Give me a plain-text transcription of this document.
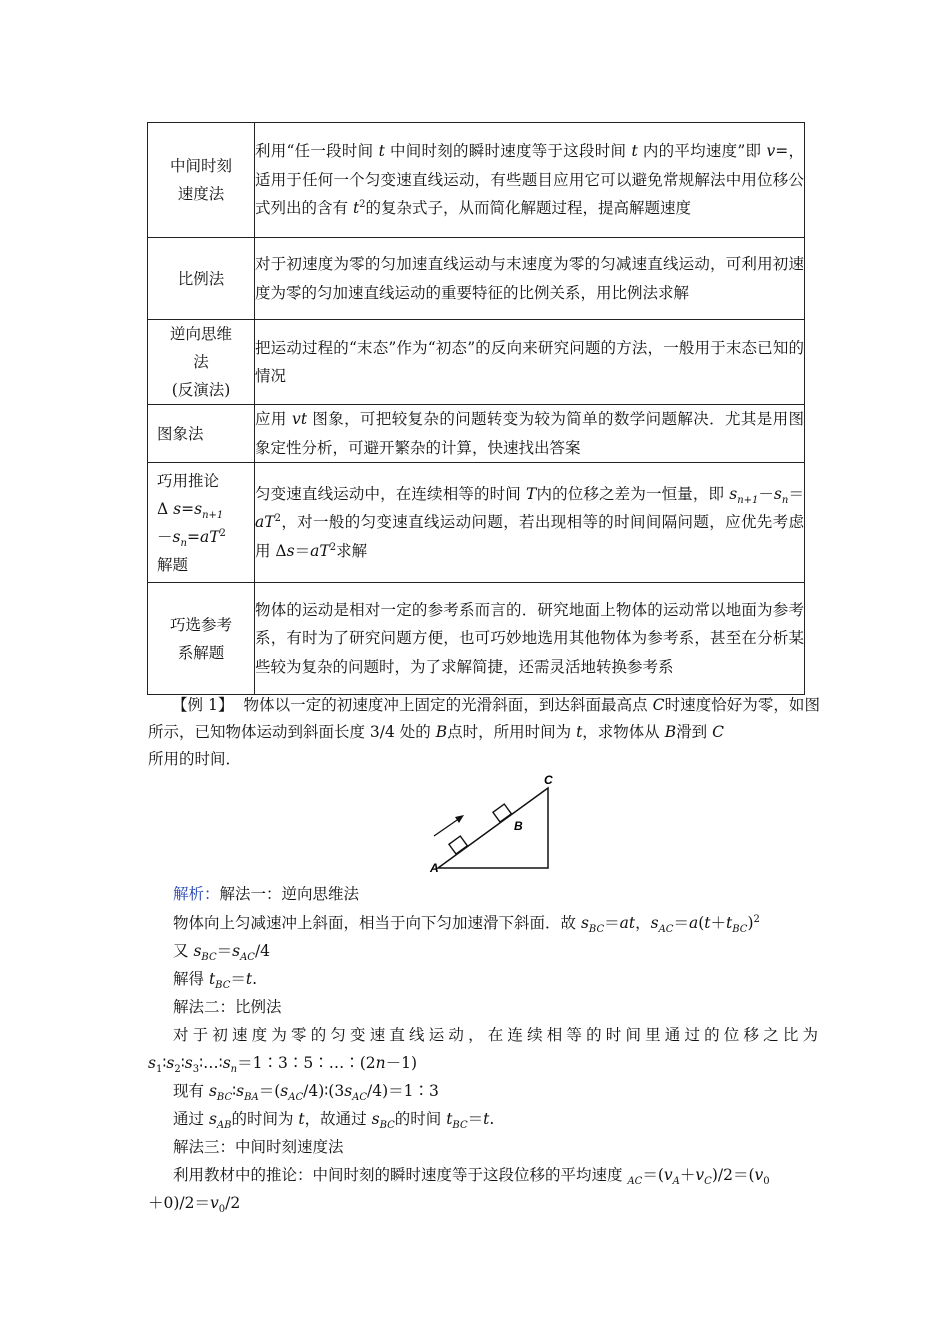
中间时刻
速度法	利用“任一段时间 t 中间时刻的瞬时速度等于这段时间 t 内的平均速度”即 v=，适用于任何一个匀变速直线运动，有些题目应用它可以避免常规解法中用位移公式列出的含有 $t^2$的复杂式子，从而简化解题过程，提高解题速度

比例法	对于初速度为零的匀加速直线运动与末速度为零的匀减速直线运动，可利用初速度为零的匀加速直线运动的重要特征的比例关系，用比例法求解

逆向思维
法
(反演法)	把运动过程的“末态”作为“初态”的反向来研究问题的方法，一般用于末态已知的情况

图象法	应用 vt 图象，可把较复杂的问题转变为较为简单的数学问题解决．尤其是用图象定性分析，可避开繁杂的计算，快速找出答案

巧用推论
Δ $s=s_{n+1}$
$-s_n=aT^2$
解题	匀变速直线运动中，在连续相等的时间 T内的位移之差为一恒量，即 $s_{n+1}-s_n=aT^2$，对一般的匀变速直线运动问题，若出现相等的时间间隔问题，应优先考虑用 $\Delta s=aT^2$求解

巧选参考
系解题	物体的运动是相对一定的参考系而言的．研究地面上物体的运动常以地面为参考系，有时为了研究问题方便，也可巧妙地选用其他物体为参考系，甚至在分析某些较为复杂的问题时，为了求解简捷，还需灵活地转换参考系
【例 1】 物体以一定的初速度冲上固定的光滑斜面，到达斜面最高点 C时速度恰好为零，如图所示，已知物体运动到斜面长度 3/4 处的 B点时，所用时间为 t，求物体从 B滑到 C
所用的时间．
A
B
C
解析：解法一：逆向思维法
物体向上匀减速冲上斜面，相当于向下匀加速滑下斜面．故 $s_{BC}=at$，$s_{AC}=a(t+t_{BC})^2$
又 $s_{BC}=s_{AC}/4$
解得 $t_{BC}=t$.
解法二：比例法
对于初速度为零的匀变速直线运动，在连续相等的时间里通过的位移之比为
$s_1∶s_2∶s_3∶\dots∶s_n=1∶3∶5∶\dots∶(2n-1)$
现有 $s_{BC}∶s_{BA}=(s_{AC}/4)∶(3s_{AC}/4)=1∶3$
通过 $s_{AB}$的时间为 t，故通过 $s_{BC}$的时间 $t_{BC}=t$.
解法三：中间时刻速度法
利用教材中的推论：中间时刻的瞬时速度等于这段位移的平均速度 $_{AC}=(v_A+v_C)/2=(v_0$
$+0)/2=v_0/2$
